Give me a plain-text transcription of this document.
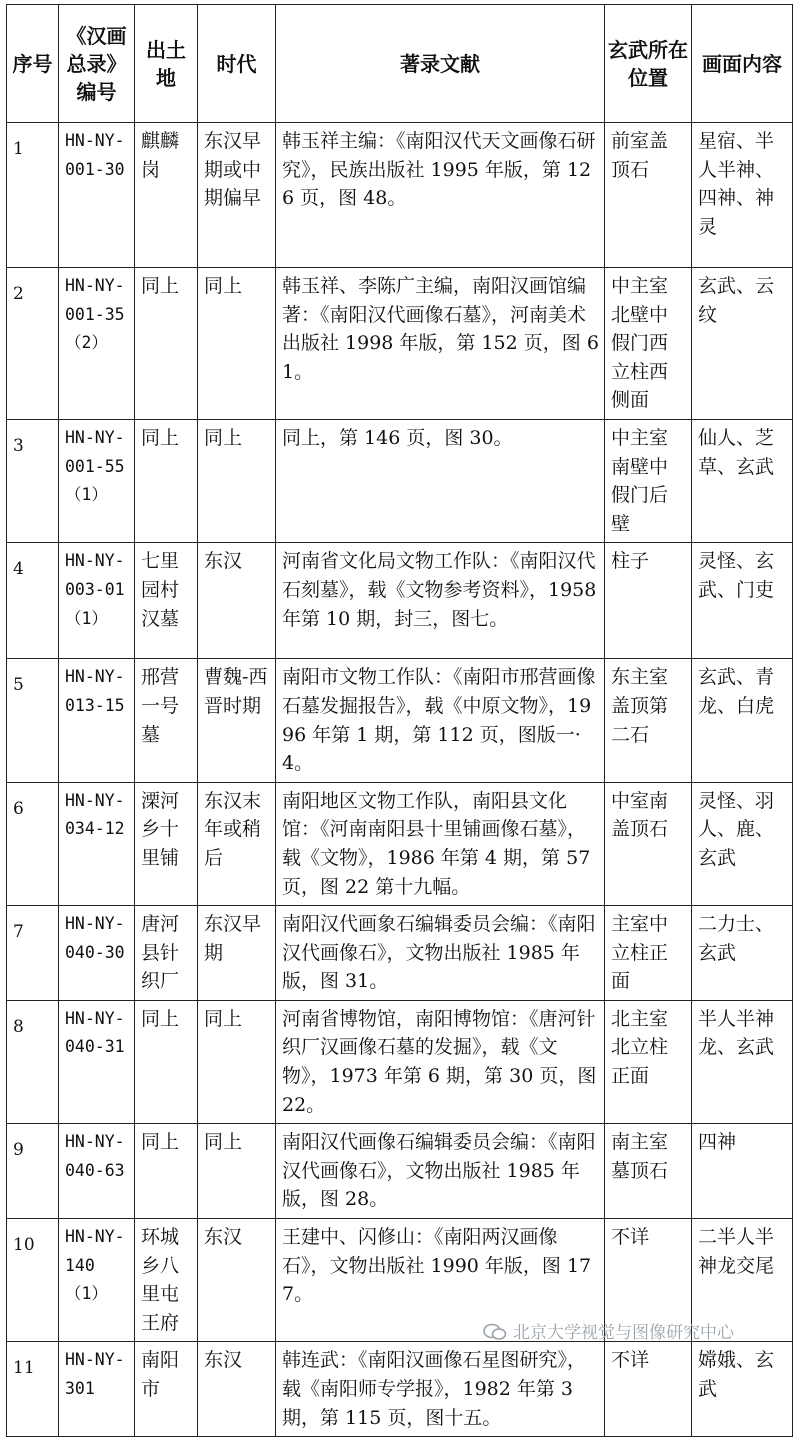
序号	《汉画总录》编号	出土地	时代	著录文献	玄武所在位置	画面内容
1	HN-NY-001-30	麒麟岗	东汉早期或中期偏早	韩玉祥主编：《南阳汉代天文画像石研究》，民族出版社 1995 年版，第 126 页，图 48。	前室盖顶石	星宿、半人半神、四神、神灵
2	HN-NY-001-35（2）	同上	同上	韩玉祥、李陈广主编，南阳汉画馆编著：《南阳汉代画像石墓》，河南美术出版社 1998 年版，第 152 页，图 61。	中主室北壁中假门西立柱西侧面	玄武、云纹
3	HN-NY-001-55（1）	同上	同上	同上，第 146 页，图 30。	中主室南壁中假门后壁	仙人、芝草、玄武
4	HN-NY-003-01（1）	七里园村汉墓	东汉	河南省文化局文物工作队：《南阳汉代石刻墓》，载《文物参考资料》，1958 年第 10 期，封三，图七。	柱子	灵怪、玄武、门吏
5	HN-NY-013-15	邢营一号墓	曹魏-西晋时期	南阳市文物工作队：《南阳市邢营画像石墓发掘报告》，载《中原文物》，1996 年第 1 期，第 112 页，图版一·4。	东主室盖顶第二石	玄武、青龙、白虎
6	HN-NY-034-12	溧河乡十里铺	东汉末年或稍后	南阳地区文物工作队，南阳县文化馆：《河南南阳县十里铺画像石墓》，载《文物》，1986 年第 4 期，第 57 页，图 22 第十九幅。	中室南盖顶石	灵怪、羽人、鹿、玄武
7	HN-NY-040-30	唐河县针织厂	东汉早期	南阳汉代画象石编辑委员会编：《南阳汉代画像石》，文物出版社 1985 年版，图 31。	主室中立柱正面	二力士、玄武
8	HN-NY-040-31	同上	同上	河南省博物馆，南阳博物馆：《唐河针织厂汉画像石墓的发掘》，载《文物》，1973 年第 6 期，第 30 页，图 22。	北主室北立柱正面	半人半神龙、玄武
9	HN-NY-040-63	同上	同上	南阳汉代画像石编辑委员会编：《南阳汉代画像石》，文物出版社 1985 年版，图 28。	南主室墓顶石	四神
10	HN-NY-140（1）	环城乡八里屯王府	东汉	王建中、闪修山：《南阳两汉画像石》，文物出版社 1990 年版，图 177。	不详	二半人半神龙交尾
11	HN-NY-301	南阳市	东汉	韩连武：《南阳汉画像石星图研究》，载《南阳师专学报》，1982 年第 3 期，第 115 页，图十五。	不详	嫦娥、玄武
北京大学视觉与图像研究中心
